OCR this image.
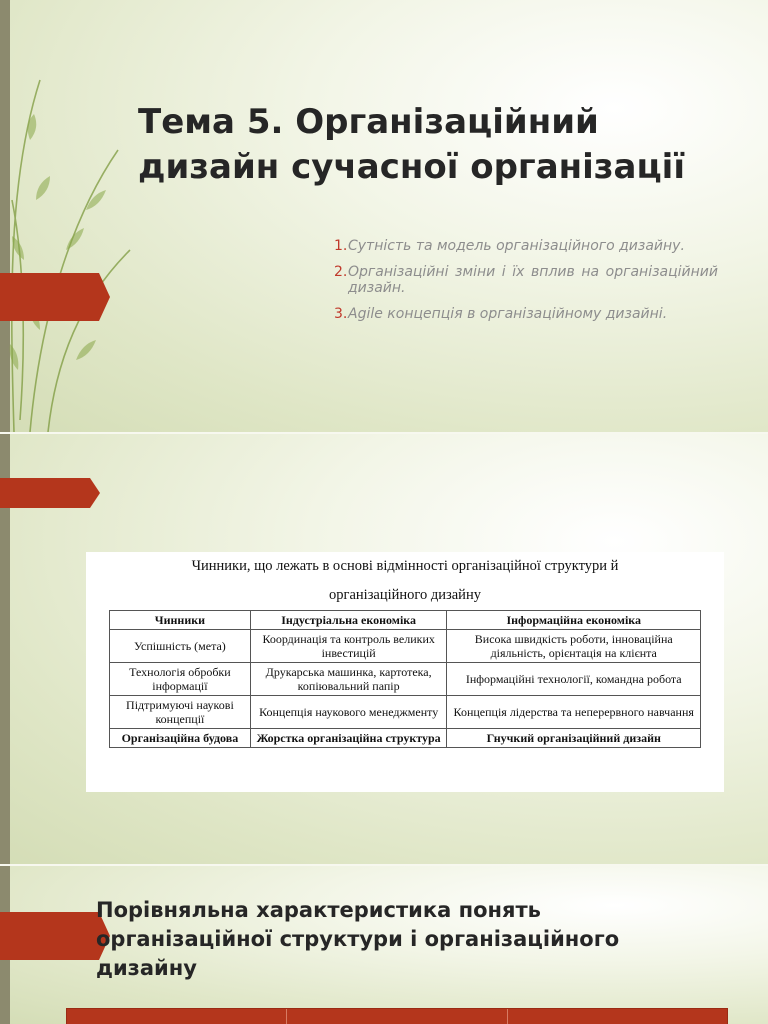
Тема 5. Організаційний дизайн сучасної організації
1. Сутність та модель організаційного дизайну.
2. Організаційні зміни і їх вплив на організаційний дизайн.
3. Agile концепція в організаційному дизайні.

Чинники, що лежать в основі відмінності організаційної структури й

організаційного дизайну

Чинники	Індустріальна економіка	Інформаційна економіка
Успішність (мета)	Координація та контроль великих інвестицій	Висока швидкість роботи, інноваційна діяльність, орієнтація на клієнта
Технологія обробки інформації	Друкарська машинка, картотека, копіювальний папір	Інформаційні технології, командна робота
Підтримуючі наукові концепції	Концепція наукового менеджменту	Концепція лідерства та неперервного навчання
Організаційна будова	Жорстка організаційна структура	Гнучкий організаційний дизайн
Порівняльна характеристика понять організаційної структури і організаційного дизайну
